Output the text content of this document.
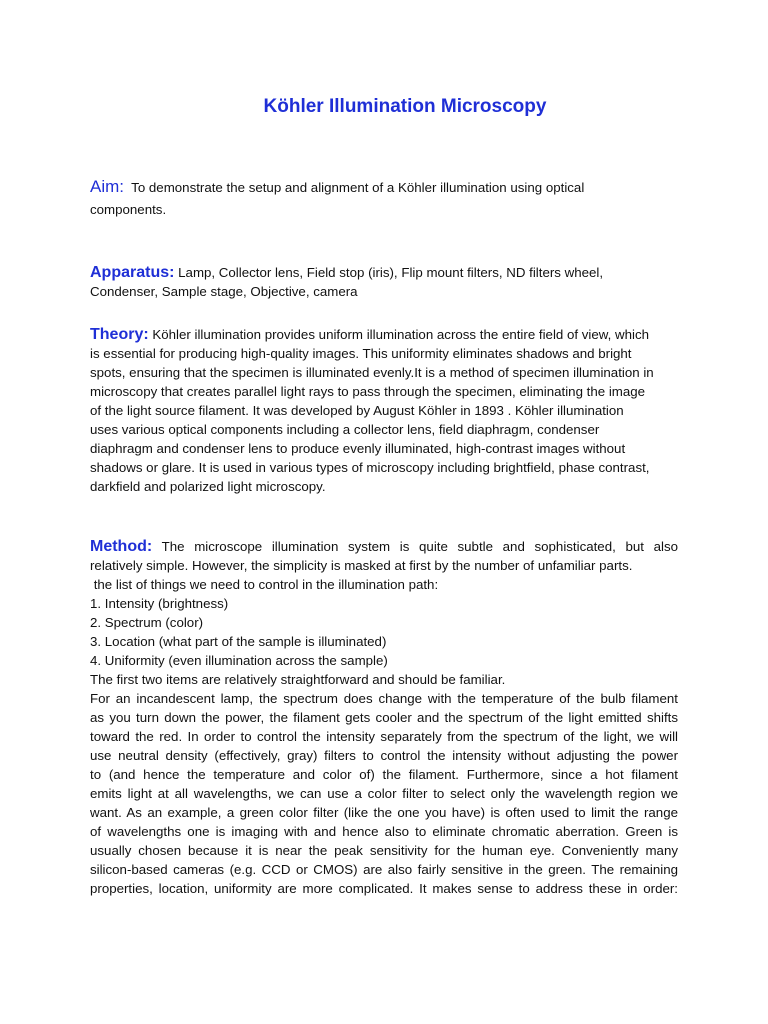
Köhler Illumination Microscopy
Aim: To demonstrate the setup and alignment of a Köhler illumination using optical
components.
Apparatus: Lamp, Collector lens, Field stop (iris), Flip mount filters, ND filters wheel,
Condenser, Sample stage, Objective, camera
Theory: Köhler illumination provides uniform illumination across the entire field of view, which
is essential for producing high-quality images. This uniformity eliminates shadows and bright
spots, ensuring that the specimen is illuminated evenly.It is a method of specimen illumination in
microscopy that creates parallel light rays to pass through the specimen, eliminating the image
of the light source filament. It was developed by August Köhler in 1893 . Köhler illumination
uses various optical components including a collector lens, field diaphragm, condenser
diaphragm and condenser lens to produce evenly illuminated, high-contrast images without
shadows or glare. It is used in various types of microscopy including brightfield, phase contrast,
darkfield and polarized light microscopy.
Method: The microscope illumination system is quite subtle and sophisticated, but also
relatively simple. However, the simplicity is masked at first by the number of unfamiliar parts.
the list of things we need to control in the illumination path:
1. Intensity (brightness)
2. Spectrum (color)
3. Location (what part of the sample is illuminated)
4. Uniformity (even illumination across the sample)
The first two items are relatively straightforward and should be familiar.
For an incandescent lamp, the spectrum does change with the temperature of the bulb filament
as you turn down the power, the filament gets cooler and the spectrum of the light emitted shifts
toward the red. In order to control the intensity separately from the spectrum of the light, we will
use neutral density (effectively, gray) filters to control the intensity without adjusting the power
to (and hence the temperature and color of) the filament. Furthermore, since a hot filament
emits light at all wavelengths, we can use a color filter to select only the wavelength region we
want. As an example, a green color filter (like the one you have) is often used to limit the range
of wavelengths one is imaging with and hence also to eliminate chromatic aberration. Green is
usually chosen because it is near the peak sensitivity for the human eye. Conveniently many
silicon-based cameras (e.g. CCD or CMOS) are also fairly sensitive in the green. The remaining
properties, location, uniformity are more complicated. It makes sense to address these in order:
